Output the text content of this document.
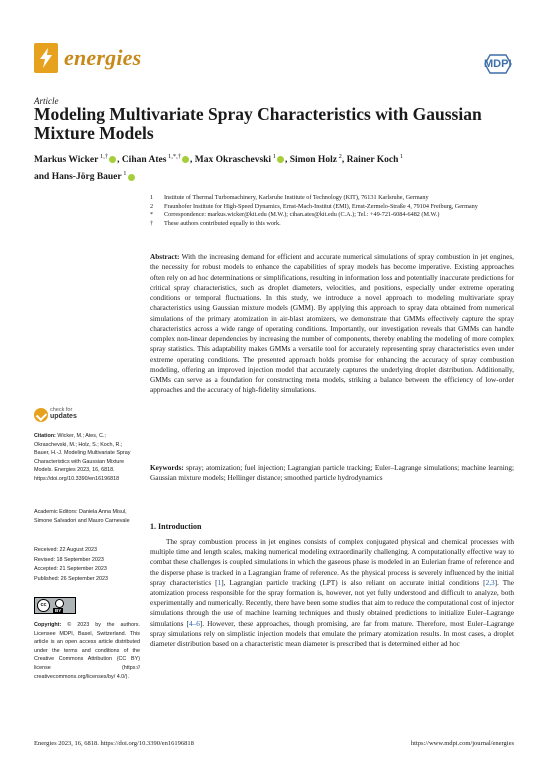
energies	MDPI
Article
Modeling Multivariate Spray Characteristics with Gaussian Mixture Models
Markus Wicker $^{1,\dagger}$ , Cihan Ates $^{1,*,\dagger}$ , Max Okraschevski $^1$ , Simon Holz $^2$, Rainer Koch $^1$
and Hans-Jörg Bauer $^1$
1 Institute of Thermal Turbomachinery, Karlsruhe Institute of Technology (KIT), 76131 Karlsruhe, Germany
2 Fraunhofer Institute for High-Speed Dynamics, Ernst-Mach-Institut (EMI), Ernst-Zermelo-Straße 4, 79104 Freiburg, Germany
* Correspondence: markus.wicker@kit.edu (M.W.); cihan.ates@kit.edu (C.A.); Tel.: +49-721-6084-6482 (M.W.)
† These authors contributed equally to this work.
Abstract: With the increasing demand for efficient and accurate numerical simulations of spray combustion in jet engines, the necessity for robust models to enhance the capabilities of spray models has become imperative. Existing approaches often rely on ad hoc determinations or simplifications, resulting in information loss and potentially inaccurate predictions for critical spray characteristics, such as droplet diameters, velocities, and positions, especially under extreme operating conditions or temporal fluctuations. In this study, we introduce a novel approach to modeling multivariate spray characteristics using Gaussian mixture models (GMM). By applying this approach to spray data obtained from numerical simulations of the primary atomization in air-blast atomizers, we demonstrate that GMMs effectively capture the spray characteristics across a wide range of operating conditions. Importantly, our investigation reveals that GMMs can handle complex non-linear dependencies by increasing the number of components, thereby enabling the modeling of more complex spray statistics. This adaptability makes GMMs a versatile tool for accurately representing spray characteristics even under extreme operating conditions. The presented approach holds promise for enhancing the accuracy of spray combustion modeling, offering an improved injection model that accurately captures the underlying droplet distribution. Additionally, GMMs can serve as a foundation for constructing meta models, striking a balance between the efficiency of low-order approaches and the accuracy of high-fidelity simulations.
Keywords: spray; atomization; fuel injection; Lagrangian particle tracking; Euler–Lagrange simulations; machine learning; Gaussian mixture models; Hellinger distance; smoothed particle hydrodynamics
check for
updates
Citation: Wicker, M.; Ates, C.; Okraschevski, M.; Holz, S.; Koch, R.; Bauer, H.-J. Modeling Multivariate Spray Characteristics with Gaussian Mixture Models. Energies 2023, 16, 6818. https://doi.org/10.3390/en16196818
Academic Editors: Daniela Anna Misul, Simone Salvadori and Mauro Carnevale
Received: 22 August 2023
Revised: 18 September 2023
Accepted: 21 September 2023
Published: 26 September 2023
cc
BY
Copyright: © 2023 by the authors. Licensee MDPI, Basel, Switzerland. This article is an open access article distributed under the terms and conditions of the Creative Commons Attribution (CC BY) license (https:// creativecommons.org/licenses/by/ 4.0/).
1. Introduction
The spray combustion process in jet engines consists of complex conjugated physical and chemical processes with multiple time and length scales, making numerical modeling extraordinarily challenging. A computationally effective way to combat these challenges is coupled simulations in which the gaseous phase is modeled in an Eulerian frame of reference and the disperse phase is tracked in a Lagrangian frame of reference. As the physical process is severely influenced by the initial spray characteristics [1], Lagrangian particle tracking (LPT) is also reliant on accurate initial conditions [2,3]. The atomization process responsible for the spray formation is, however, not yet fully understood and difficult to analyze, both experimentally and numerically. Recently, there have been some studies that aim to reduce the computational cost of injector simulations through the use of machine learning techniques and thusly obtained predictions to initialize Euler–Lagrange simulations [4–6]. However, these approaches, though promising, are far from mature. Therefore, most Euler–Lagrange spray simulations rely on simplistic injection models that emulate the primary atomization results. In most cases, a droplet diameter distribution based on a characteristic mean diameter is prescribed that is determined either ad hoc
Energies 2023, 16, 6818. https://doi.org/10.3390/en16196818	https://www.mdpi.com/journal/energies
